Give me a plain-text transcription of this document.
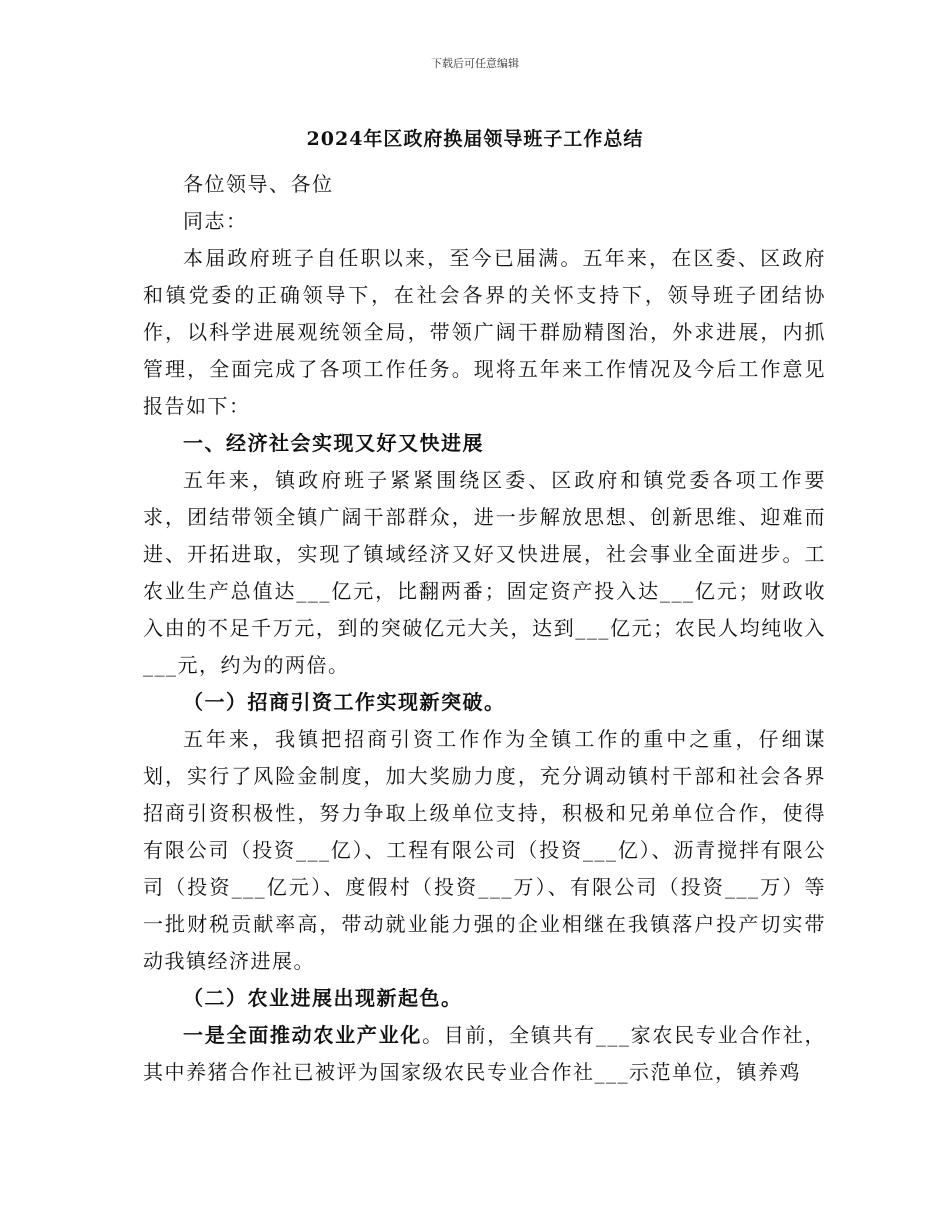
下载后可任意编辑
2024年区政府换届领导班子工作总结

各位领导、各位

同志：

本届政府班子自任职以来，至今已届满。五年来，在区委、区政府和镇党委的正确领导下，在社会各界的关怀支持下，领导班子团结协作，以科学进展观统领全局，带领广阔干群励精图治，外求进展，内抓管理，全面完成了各项工作任务。现将五年来工作情况及今后工作意见报告如下：

一、经济社会实现又好又快进展

五年来，镇政府班子紧紧围绕区委、区政府和镇党委各项工作要求，团结带领全镇广阔干部群众，进一步解放思想、创新思维、迎难而进、开拓进取，实现了镇域经济又好又快进展，社会事业全面进步。工农业生产总值达___亿元，比翻两番；固定资产投入达___亿元；财政收入由的不足千万元，到的突破亿元大关，达到___亿元；农民人均纯收入___元，约为的两倍。

（一）招商引资工作实现新突破。

五年来，我镇把招商引资工作作为全镇工作的重中之重，仔细谋划，实行了风险金制度，加大奖励力度，充分调动镇村干部和社会各界招商引资积极性，努力争取上级单位支持，积极和兄弟单位合作，使得有限公司（投资___亿）、工程有限公司（投资___亿）、沥青搅拌有限公司（投资___亿元）、度假村（投资___万）、有限公司（投资___万）等一批财税贡献率高，带动就业能力强的企业相继在我镇落户投产切实带动我镇经济进展。

（二）农业进展出现新起色。

一是全面推动农业产业化。目前，全镇共有___家农民专业合作社，其中养猪合作社已被评为国家级农民专业合作社___示范单位，镇养鸡
